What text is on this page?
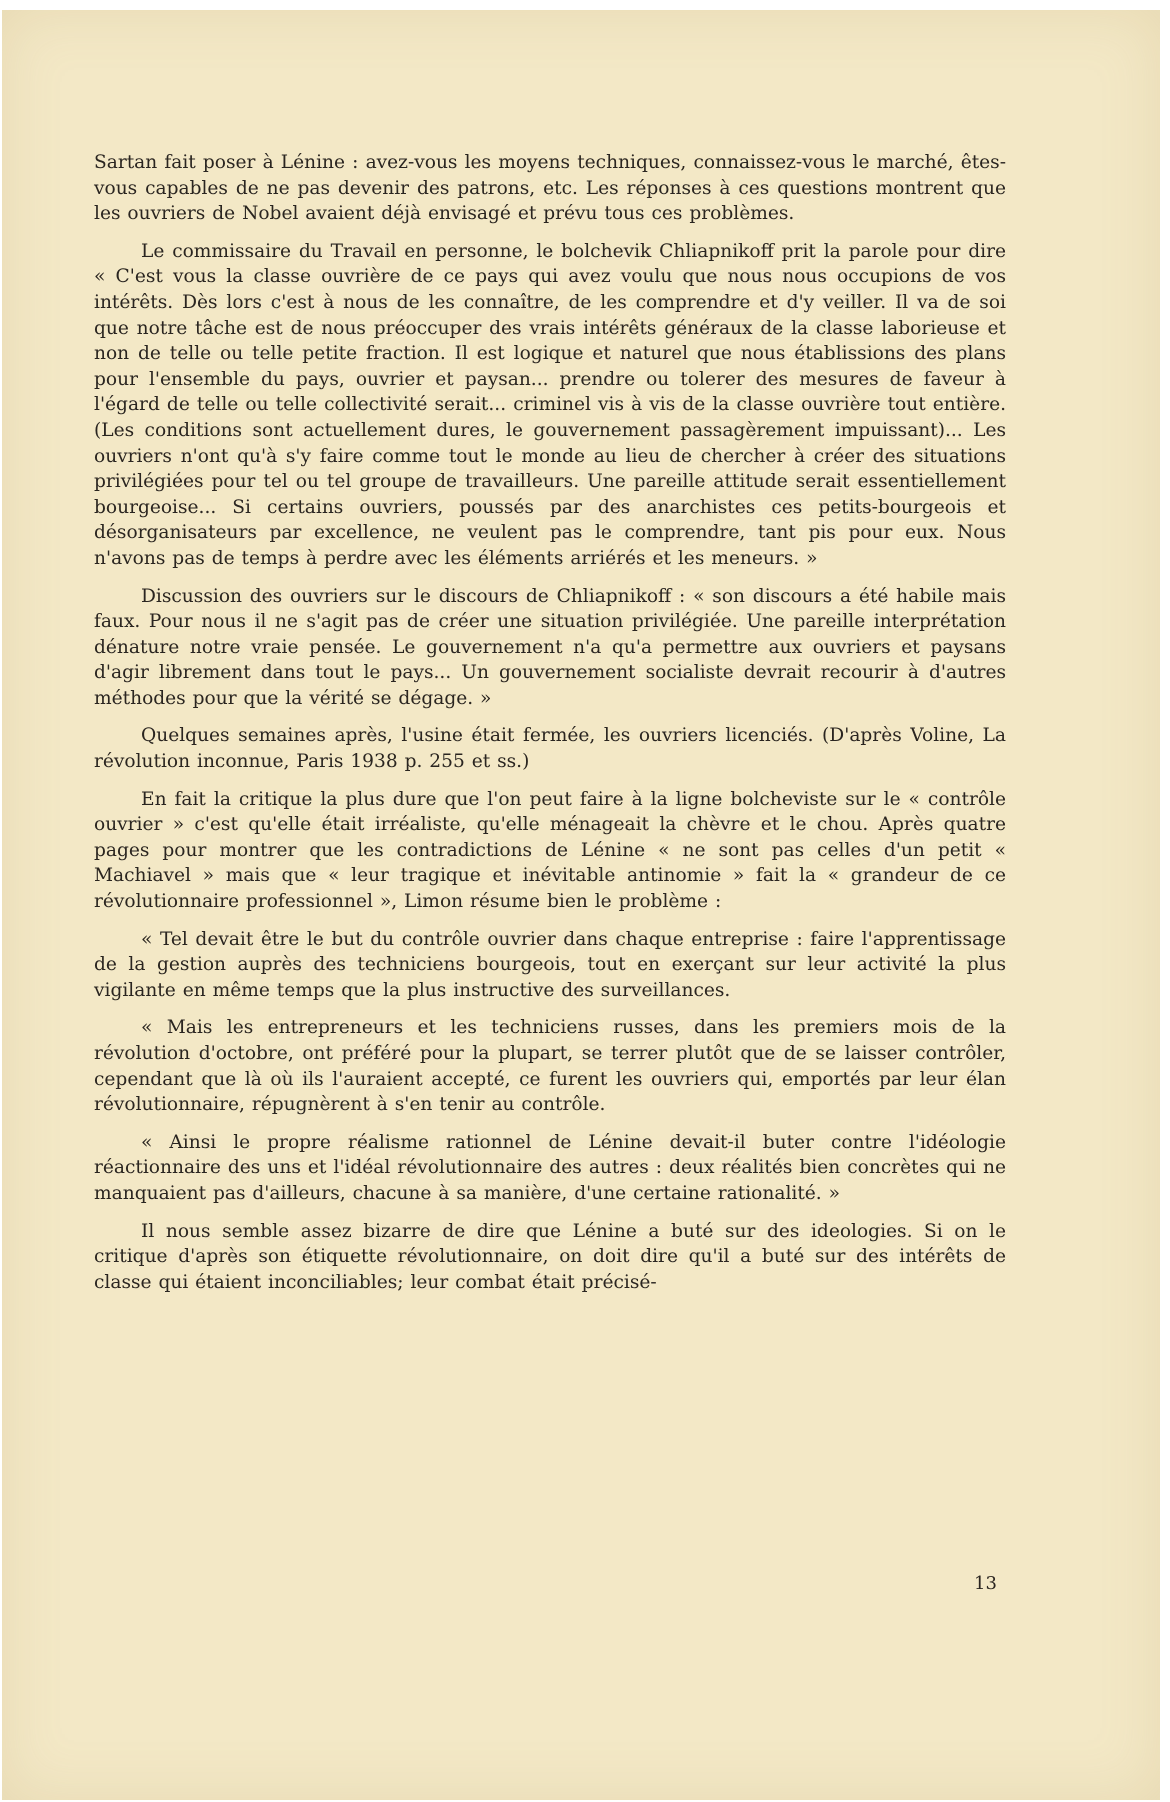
Sartan fait poser à Lénine : avez-vous les moyens techniques, connaissez-vous le marché, êtes-vous capables de ne pas devenir des patrons, etc. Les réponses à ces questions montrent que les ouvriers de Nobel avaient déjà envisagé et prévu tous ces problèmes.

Le commissaire du Travail en personne, le bolchevik Chliapnikoff prit la parole pour dire « C'est vous la classe ouvrière de ce pays qui avez voulu que nous nous occupions de vos intérêts. Dès lors c'est à nous de les connaître, de les comprendre et d'y veiller. Il va de soi que notre tâche est de nous préoccuper des vrais intérêts généraux de la classe laborieuse et non de telle ou telle petite fraction. Il est logique et naturel que nous établissions des plans pour l'ensemble du pays, ouvrier et paysan... prendre ou tolerer des mesures de faveur à l'égard de telle ou telle collectivité serait... criminel vis à vis de la classe ouvrière tout entière. (Les conditions sont actuellement dures, le gouvernement passagèrement impuissant)... Les ouvriers n'ont qu'à s'y faire comme tout le monde au lieu de chercher à créer des situations privilégiées pour tel ou tel groupe de travailleurs. Une pareille attitude serait essentiellement bourgeoise... Si certains ouvriers, poussés par des anarchistes ces petits-bourgeois et désorganisateurs par excellence, ne veulent pas le comprendre, tant pis pour eux. Nous n'avons pas de temps à perdre avec les éléments arriérés et les meneurs. »

Discussion des ouvriers sur le discours de Chliapnikoff : « son discours a été habile mais faux. Pour nous il ne s'agit pas de créer une situation privilégiée. Une pareille interprétation dénature notre vraie pensée. Le gouvernement n'a qu'a permettre aux ouvriers et paysans d'agir librement dans tout le pays... Un gouvernement socialiste devrait recourir à d'autres méthodes pour que la vérité se dégage. »

Quelques semaines après, l'usine était fermée, les ouvriers licenciés. (D'après Voline, La révolution inconnue, Paris 1938 p. 255 et ss.)

En fait la critique la plus dure que l'on peut faire à la ligne bolcheviste sur le « contrôle ouvrier » c'est qu'elle était irréaliste, qu'elle ménageait la chèvre et le chou. Après quatre pages pour montrer que les contradictions de Lénine « ne sont pas celles d'un petit « Machiavel » mais que « leur tragique et inévitable antinomie » fait la « grandeur de ce révolutionnaire professionnel », Limon résume bien le problème :

« Tel devait être le but du contrôle ouvrier dans chaque entreprise : faire l'apprentissage de la gestion auprès des techniciens bourgeois, tout en exerçant sur leur activité la plus vigilante en même temps que la plus instructive des surveillances.

« Mais les entrepreneurs et les techniciens russes, dans les premiers mois de la révolution d'octobre, ont préféré pour la plupart, se terrer plutôt que de se laisser contrôler, cependant que là où ils l'auraient accepté, ce furent les ouvriers qui, emportés par leur élan révolutionnaire, répugnèrent à s'en tenir au contrôle.

« Ainsi le propre réalisme rationnel de Lénine devait-il buter contre l'idéologie réactionnaire des uns et l'idéal révolutionnaire des autres : deux réalités bien concrètes qui ne manquaient pas d'ailleurs, chacune à sa manière, d'une certaine rationalité. »

Il nous semble assez bizarre de dire que Lénine a buté sur des ideologies. Si on le critique d'après son étiquette révolutionnaire, on doit dire qu'il a buté sur des intérêts de classe qui étaient inconciliables; leur combat était précisé-

13
